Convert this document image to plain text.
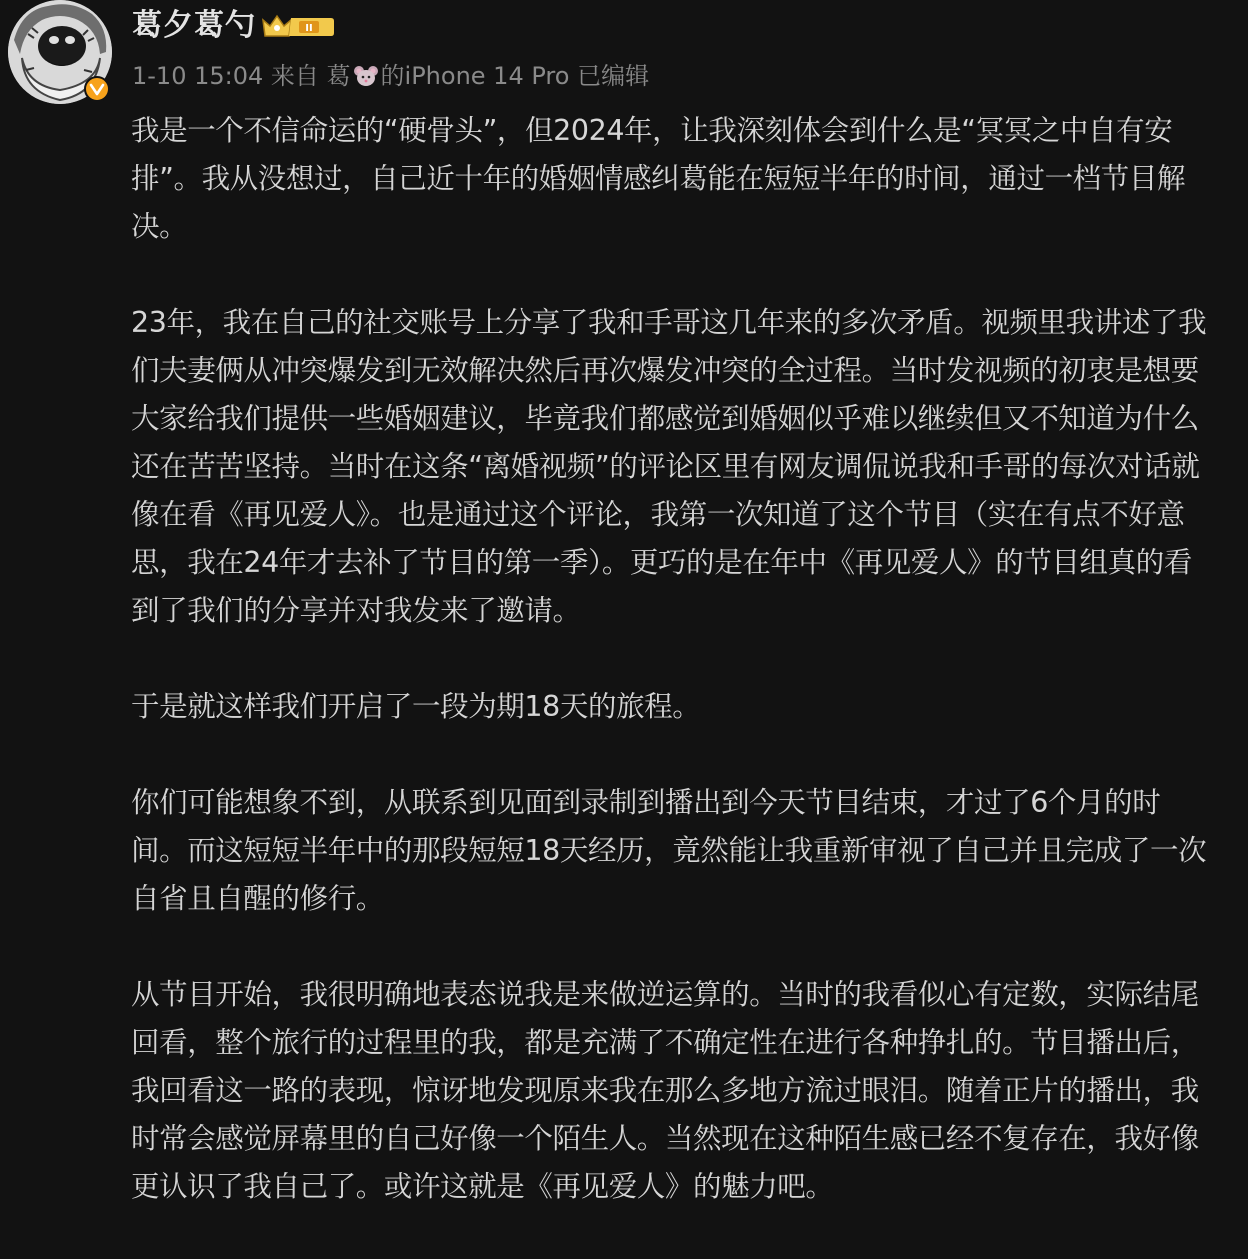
葛夕葛勺	II
1-10 15:04 来自 葛 的iPhone 14 Pro 已编辑

我是一个不信命运的“硬骨头”，但2024年，让我深刻体会到什么是“冥冥之中自有安排”。我从没想过，自己近十年的婚姻情感纠葛能在短短半年的时间，通过一档节目解决。

23年，我在自己的社交账号上分享了我和手哥这几年来的多次矛盾。视频里我讲述了我们夫妻俩从冲突爆发到无效解决然后再次爆发冲突的全过程。当时发视频的初衷是想要大家给我们提供一些婚姻建议，毕竟我们都感觉到婚姻似乎难以继续但又不知道为什么还在苦苦坚持。当时在这条“离婚视频”的评论区里有网友调侃说我和手哥的每次对话就像在看《再见爱人》。也是通过这个评论，我第一次知道了这个节目（实在有点不好意思，我在24年才去补了节目的第一季）。更巧的是在年中《再见爱人》的节目组真的看到了我们的分享并对我发来了邀请。

于是就这样我们开启了一段为期18天的旅程。

你们可能想象不到，从联系到见面到录制到播出到今天节目结束，才过了6个月的时间。而这短短半年中的那段短短18天经历，竟然能让我重新审视了自己并且完成了一次自省且自醒的修行。

从节目开始，我很明确地表态说我是来做逆运算的。当时的我看似心有定数，实际结尾回看，整个旅行的过程里的我，都是充满了不确定性在进行各种挣扎的。节目播出后，我回看这一路的表现，惊讶地发现原来我在那么多地方流过眼泪。随着正片的播出，我时常会感觉屏幕里的自己好像一个陌生人。当然现在这种陌生感已经不复存在，我好像更认识了我自己了。或许这就是《再见爱人》的魅力吧。
